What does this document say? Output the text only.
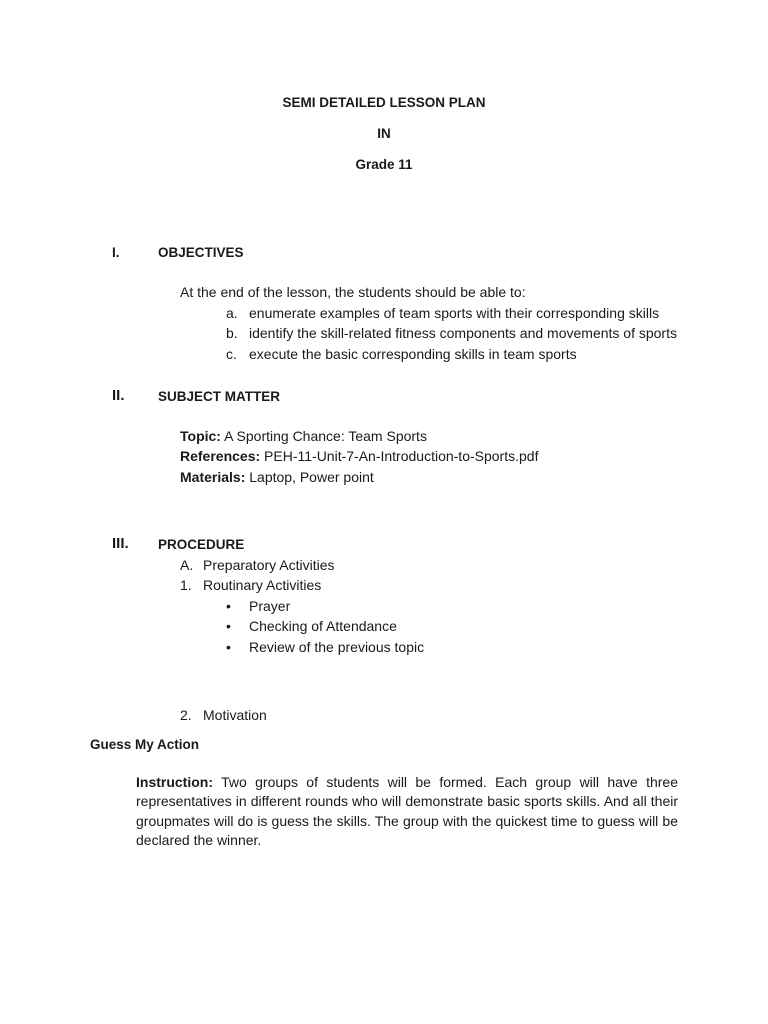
SEMI DETAILED LESSON PLAN
IN
Grade 11
I.	OBJECTIVES
At the end of the lesson, the students should be able to:
a. enumerate examples of team sports with their corresponding skills
b. identify the skill-related fitness components and movements of sports
c. execute the basic corresponding skills in team sports
II. SUBJECT MATTER
Topic: A Sporting Chance: Team Sports
References: PEH-11-Unit-7-An-Introduction-to-Sports.pdf
Materials: Laptop, Power point
III. PROCEDURE
A. Preparatory Activities
1. Routinary Activities
• Prayer
• Checking of Attendance
• Review of the previous topic
2. Motivation
Guess My Action
Instruction: Two groups of students will be formed. Each group will have three representatives in different rounds who will demonstrate basic sports skills. And all their groupmates will do is guess the skills. The group with the quickest time to guess will be declared the winner.
